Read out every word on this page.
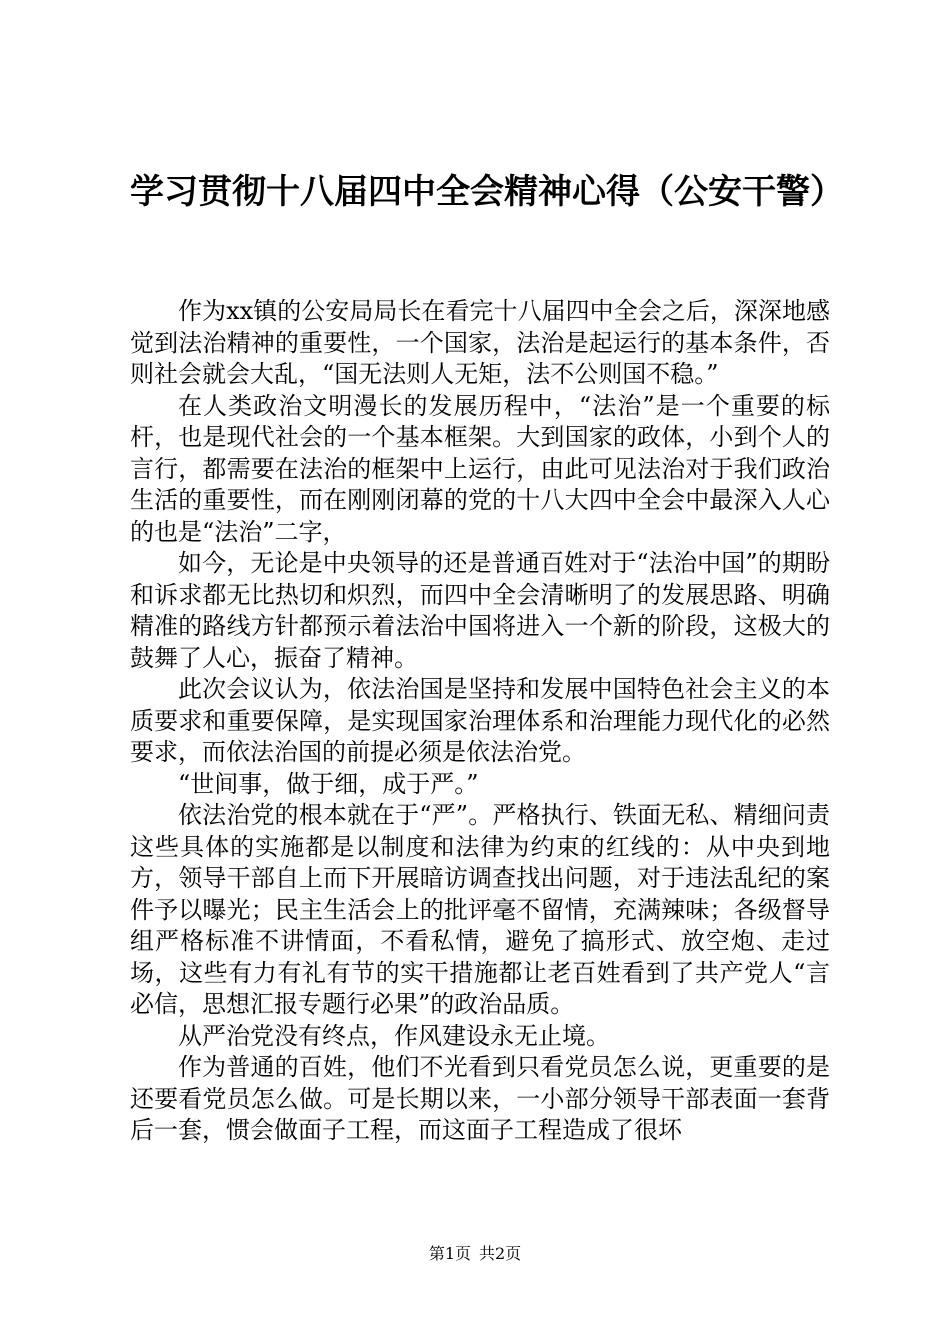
学习贯彻十八届四中全会精神心得（公安干警）

作为xx镇的公安局局长在看完十八届四中全会之后，深深地感觉到法治精神的重要性，一个国家，法治是起运行的基本条件，否则社会就会大乱，“国无法则人无矩，法不公则国不稳。”

在人类政治文明漫长的发展历程中，“法治”是一个重要的标杆，也是现代社会的一个基本框架。大到国家的政体，小到个人的言行，都需要在法治的框架中上运行，由此可见法治对于我们政治生活的重要性，而在刚刚闭幕的党的十八大四中全会中最深入人心的也是“法治”二字，

如今，无论是中央领导的还是普通百姓对于“法治中国”的期盼和诉求都无比热切和炽烈，而四中全会清晰明了的发展思路、明确精准的路线方针都预示着法治中国将进入一个新的阶段，这极大的鼓舞了人心，振奋了精神。

此次会议认为，依法治国是坚持和发展中国特色社会主义的本质要求和重要保障，是实现国家治理体系和治理能力现代化的必然要求，而依法治国的前提必须是依法治党。

“世间事，做于细，成于严。”

依法治党的根本就在于“严”。严格执行、铁面无私、精细问责这些具体的实施都是以制度和法律为约束的红线的：从中央到地方，领导干部自上而下开展暗访调查找出问题，对于违法乱纪的案件予以曝光；民主生活会上的批评毫不留情，充满辣味；各级督导组严格标准不讲情面，不看私情，避免了搞形式、放空炮、走过场，这些有力有礼有节的实干措施都让老百姓看到了共产党人“言必信，思想汇报专题行必果”的政治品质。

从严治党没有终点，作风建设永无止境。

作为普通的百姓，他们不光看到只看党员怎么说，更重要的是还要看党员怎么做。可是长期以来，一小部分领导干部表面一套背后一套，惯会做面子工程，而这面子工程造成了很坏

第1页 共2页
